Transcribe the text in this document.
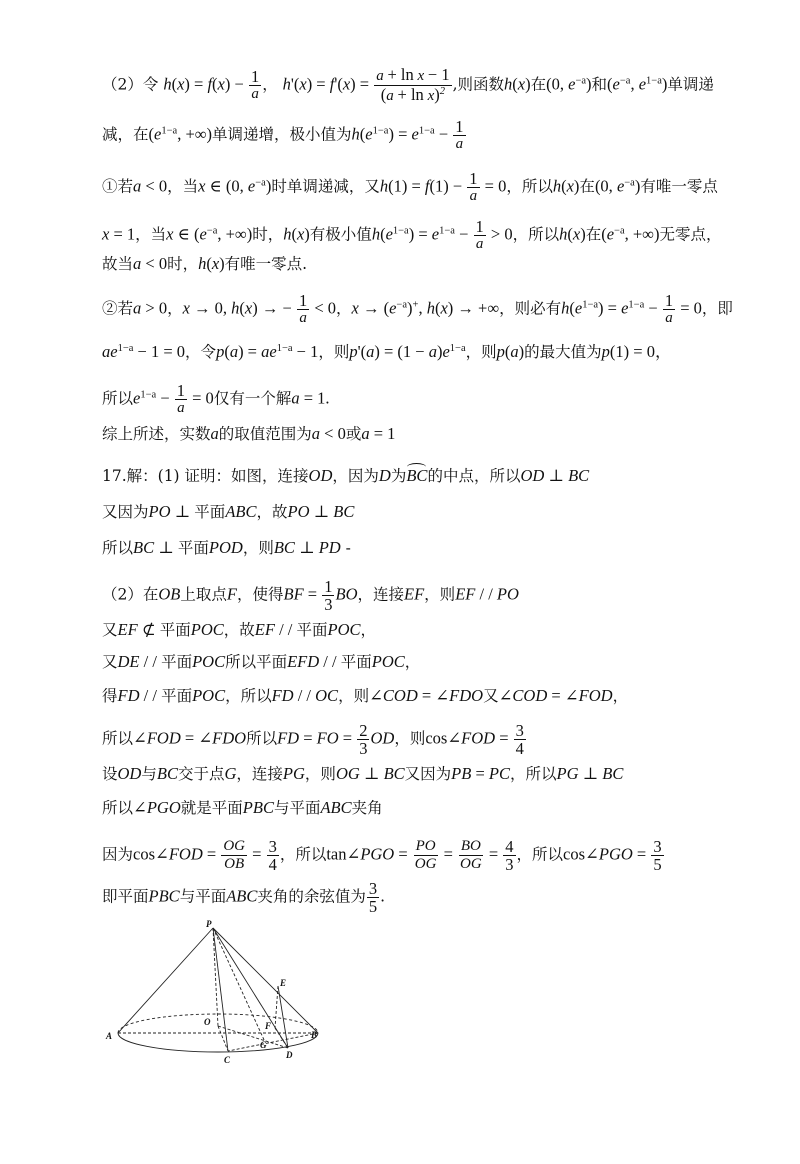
（2）令 $h(x) = f(x) - \frac{1}{a}$ ， $h'(x) = f'(x) = \frac{\text{a + ln x − 1}}{(a + \ln x)^2}$ ,则函数h(x)在(0, $e^{-a}$)和($e^{-a}$, $e^{1-a}$)单调递
减，在($e^{1-a}$, +∞)单调递增，极小值为$h(e^{1-a}) = e^{1-a} - \frac{1}{a}$
①若a < 0，当x ∈ (0, $e^{-a}$)时单调递减，又$h(1) = f(1) - \frac{1}{a} = 0$，所以h(x)在(0, $e^{-a}$)有唯一零点
x = 1，当x ∈ ($e^{-a}$, +∞)时，h(x)有极小值$h(e^{1-a}) = e^{1-a} - \frac{1}{a} > 0$，所以h(x)在($e^{-a}$, +∞)无零点，
故当a < 0时，h(x)有唯一零点.
②若a > 0，x → 0, h(x) → − $\frac{1}{a} < 0$，$x \to (e^{-a})^+$, h(x) → +∞，则必有$h(e^{1-a}) = e^{1-a} - \frac{1}{a} = 0$，即
$ae^{1-a} - 1 = 0$，令$p(a) = ae^{1-a} - 1$，则$p'(a) = (1 - a)e^{1-a}$，则p(a)的最大值为p(1) = 0，
所以$e^{1-a} - \frac{1}{a} = 0$仅有一个解a = 1.
综上所述，实数a的取值范围为a < 0或a = 1
17.解：(1) 证明：如图，连接OD，因为D为BC的中点，所以OD ⊥ BC
又因为PO ⊥ 平面ABC，故PO ⊥ BC
所以BC ⊥ 平面POD，则BC ⊥ PD -
（2）在OB上取点F，使得BF = $\frac{1}{3}$ BO，连接EF，则EF / / PO
又EF ⊄ 平面POC，故EF / / 平面POC，
又DE / / 平面POC所以平面EFD / / 平面POC，
得FD / / 平面POC，所以FD / / OC，则∠COD = ∠FDO又∠COD = ∠FOD，
所以∠FOD = ∠FDO所以FD = FO = $\frac{2}{3}$ OD，则cos∠FOD = $\frac{3}{4}$
设OD与BC交于点G，连接PG，则OG ⊥ BC又因为PB = PC，所以PG ⊥ BC
所以∠PGO就是平面PBC与平面ABC夹角
因为cos∠FOD = $\frac{OG}{OB} = \frac{3}{4}$ ，所以tan∠PGO = $\frac{PO}{OG} = \frac{BO}{OG} = \frac{4}{3}$ ，所以cos∠PGO = $\frac{3}{5}$
即平面PBC与平面ABC夹角的余弦值为 $\frac{3}{5}$ .
P
E
O	F
A	B
C
G
D
